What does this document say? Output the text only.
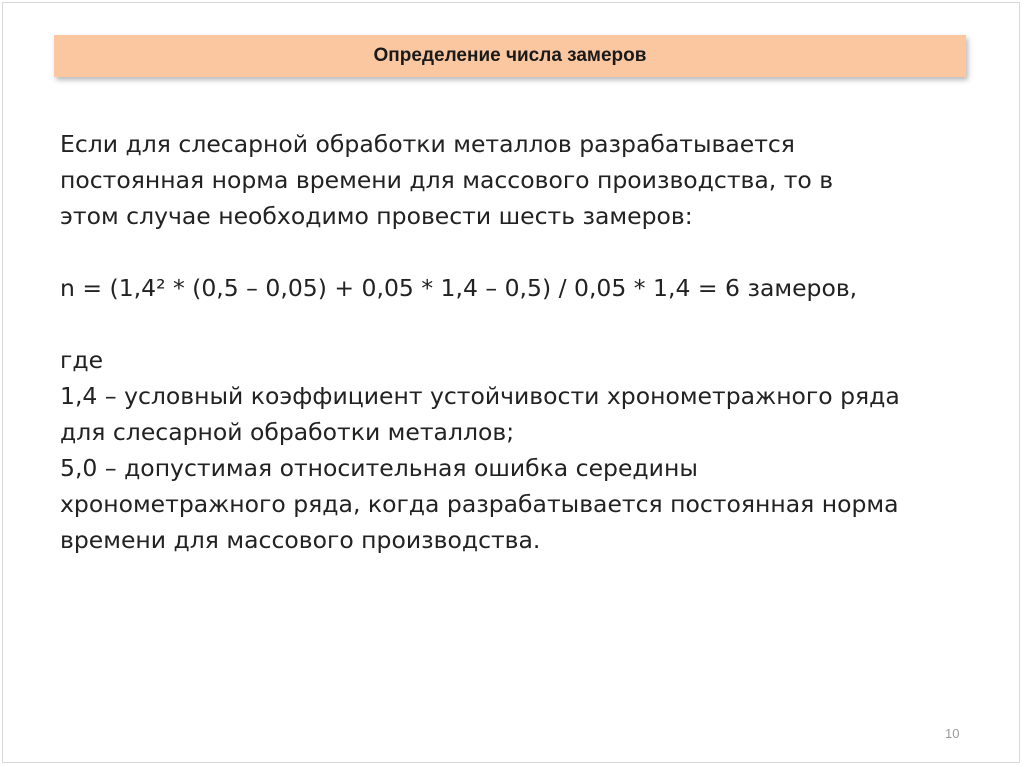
Определение числа замеров
Если для слесарной обработки металлов разрабатывается
постоянная норма времени для массового производства, то в
этом случае необходимо провести шесть замеров:
n = (1,4² * (0,5 – 0,05) + 0,05 * 1,4 – 0,5) / 0,05 * 1,4 = 6 замеров,
где
1,4 – условный коэффициент устойчивости хронометражного ряда
для слесарной обработки металлов;
5,0 – допустимая относительная ошибка середины
хронометражного ряда, когда разрабатывается постоянная норма
времени для массового производства.
10
